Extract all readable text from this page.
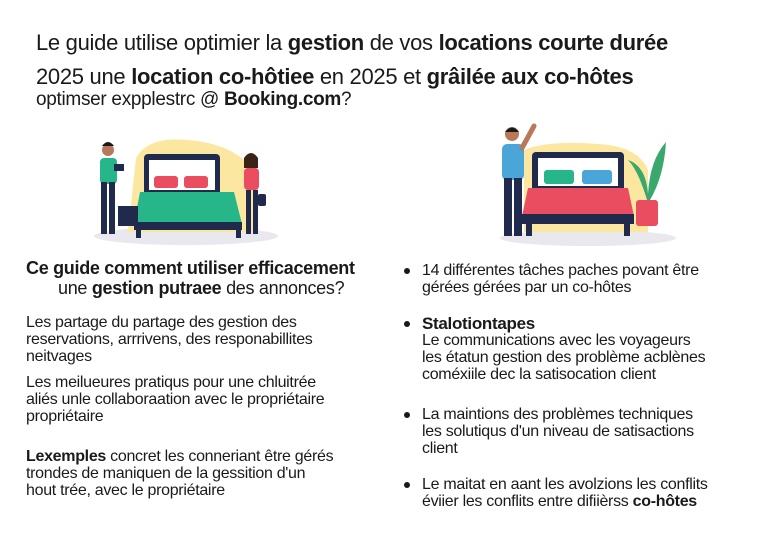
Le guide utilise optimier la gestion de vos locations courte durée
2025 une location co-hôtiee en 2025 et grâilée aux co-hôtes
optimser expplestrc @ Booking.com?
Ce guide comment utiliser efficacement
une gestion putraee des annonces?
Les partage du partage des gestion des
reservations, arrrivens, des responabillites
neitvages
Les meilueures pratiqus pour une chluitrée
aliés unle collaboraation avec le propriétaire
propriétaire
Lexemples concret les conneriant être gérés
trondes de maniquen de la gessition d'un
hout trée, avec le propriétaire
14 différentes tâches paches povant être
gérées gérées par un co-hôtes
Stalotiontapes
Le communications avec les voyageurs
les étatun gestion des problème acblènes
coméxiile dec la satisocation client
La maintions des problèmes techniques
les solutiqus d'un niveau de satisactions
client
Le maitat en aant les avolzions les conflits
éviier les conflits entre difiièrss co-hôtes
